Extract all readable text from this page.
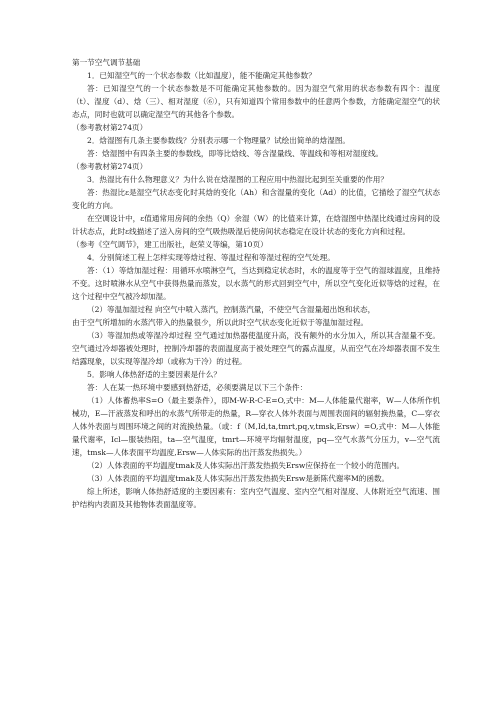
第一节空气调节基础

1．已知湿空气的一个状态参数（比如温度），能不能确定其他参数？

答：已知湿空气的一个状态参数是不可能确定其他参数的。因为湿空气常用的状态参数有四个：温度（t）、湿度（d）、焓（三）、相对湿度（⑥），只有知道四个常用参数中的任意两个参数，方能确定湿空气的状态点，同时也就可以确定湿空气的其他各个参数。

（参考教材第274页）

2．焓湿图有几条主要参数线？分别表示哪一个物理量？试绘出简单的焓湿图。

答：焓湿图中有四条主要的参数线，即等比焓线、等含湿量线、等温线和等相对湿度线。

（参考教材第274页）

3．热湿比有什么物理意义？为什么说在焓湿图的工程应用中热湿比起到至关重要的作用？

答：热湿比ε是湿空气状态变化时其焓的变化（Ah）和含湿量的变化（Ad）的比值，它描绘了湿空气状态变化的方向。

在空调设计中，ε值通常用房间的余热（Q）余湿（W）的比值来计算，在焓湿图中热湿比线通过房间的设计状态点，此时ε线描述了送入房间的空气吸热吸湿后使房间状态稳定在设计状态的变化方向和过程。

（参考《空气调节》，建工出版社，赵荣义等编，第10页）

4．分别简述工程上怎样实现等焓过程、等温过程和等湿过程的空气处理。

答：（1）等焓加湿过程：用循环水喷淋空气，当达到稳定状态时，水的温度等于空气的湿球温度，且维持不变。这时喷淋水从空气中获得热量而蒸发，以水蒸气的形式回到空气中，所以空气变化近似等焓的过程，在这个过程中空气被冷却加湿。

（2）等温加湿过程 向空气中喷入蒸汽，控制蒸汽量，不使空气含湿量超出饱和状态，

由于空气所增加的水蒸汽带入的热量很少，所以此时空气状态变化近似于等温加湿过程。

（3）等湿加热或等湿冷却过程 空气通过加热器使温度升高，没有额外的水分加入，所以其含湿量不变。空气通过冷却器被处理时，控制冷却器的表面温度高于被处理空气的露点温度，从而空气在冷却器表面不发生结露现象，以实现等湿冷却（或称为干冷）的过程。

5．影响人体热舒适的主要因素是什么？

答：人在某一热环境中要感到热舒适，必须要满足以下三个条件：

（1）人体蓄热率S=O（最主要条件），即M-W-R-C-E=O,式中：M—人体能量代谢率，W—人体所作机械功，E—汗液蒸发和呼出的水蒸气所带走的热量，R—穿衣人体外表面与周围表面间的辐射换热量，C—穿衣人体外表面与周围环境之间的对流换热量。（或：f（M,Id,ta,tmrt,pq,v,tmsk,Ersw）=O,式中：M—人体能量代谢率，Icl—服装热阻，ta—空气温度，tmrt—环境平均辐射温度，pq—空气水蒸气分压力，v—空气流速，tmsk—人体表面平均温度,Ersw—人体实际的出汗蒸发热损失。）

（2）人体表面的平均温度tmak及人体实际出汗蒸发热损失Ersw应保持在一个较小的范围内。

（3）人体表面的平均温度tmak及人体实际出汗蒸发热损失Ersw是新陈代谢率M的函数。

综上所述，影响人体热舒适度的主要因素有：室内空气温度、室内空气相对湿度、人体附近空气流速、围护结构内表面及其他物体表面温度等。
